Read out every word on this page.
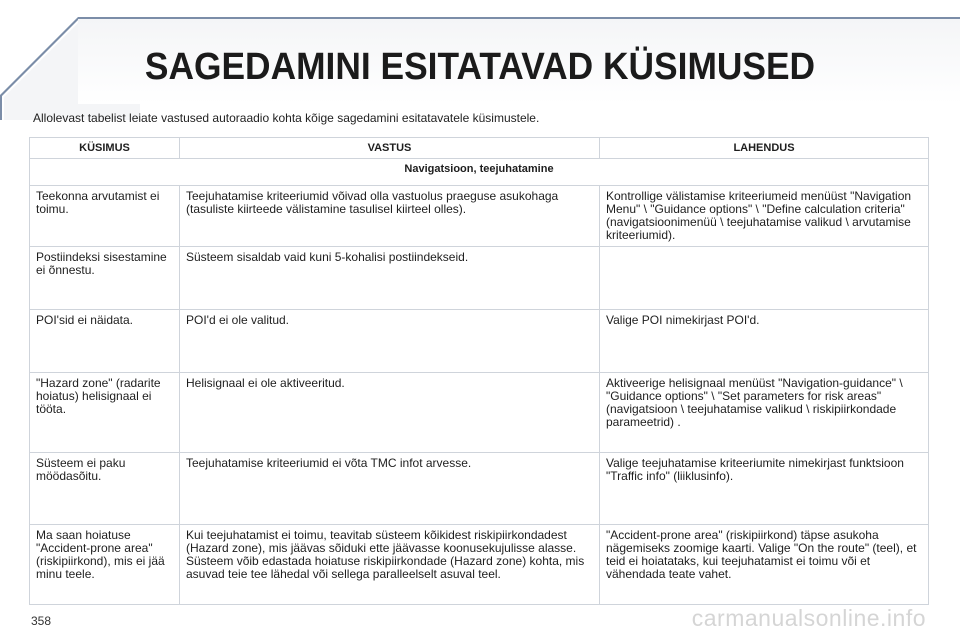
SAGEDAMINI ESITATAVAD KÜSIMUSED

Allolevast tabelist leiate vastused autoraadio kohta kõige sagedamini esitatavatele küsimustele.

KÜSIMUS	VASTUS	LAHENDUS
Navigatsioon, teejuhatamine		
Teekonna arvutamist ei toimu.	Teejuhatamise kriteeriumid võivad olla vastuolus praeguse asukohaga (tasuliste kiirteede välistamine tasulisel kiirteel olles).	Kontrollige välistamise kriteeriumeid menüüst "Navigation Menu" \ "Guidance options" \ "Define calculation criteria" (navigatsioonimenüü \ teejuhatamise valikud \ arvutamise kriteeriumid).
Postiindeksi sisestamine ei õnnestu.	Süsteem sisaldab vaid kuni 5-kohalisi postiindekseid.	
POI'sid ei näidata.	POI'd ei ole valitud.	Valige POI nimekirjast POI'd.
"Hazard zone" (radarite hoiatus) helisignaal ei tööta.	Helisignaal ei ole aktiveeritud.	Aktiveerige helisignaal menüüst "Navigation-guidance" \ "Guidance options" \ "Set parameters for risk areas" (navigatsioon \ teejuhatamise valikud \ riskipiirkondade parameetrid) .
Süsteem ei paku möödasõitu.	Teejuhatamise kriteeriumid ei võta TMC infot arvesse.	Valige teejuhatamise kriteeriumite nimekirjast funktsioon "Traffic info" (liiklusinfo).
Ma saan hoiatuse "Accident-prone area" (riskipiirkond), mis ei jää minu teele.	Kui teejuhatamist ei toimu, teavitab süsteem kõikidest riskipiirkondadest (Hazard zone), mis jäävas sõiduki ette jäävasse koonusekujulisse alasse. Süsteem võib edastada hoiatuse riskipiirkondade (Hazard zone) kohta, mis asuvad teie tee lähedal või sellega paralleelselt asuval teel.	"Accident-prone area" (riskipiirkond) täpse asukoha nägemiseks zoomige kaarti. Valige "On the route" (teel), et teid ei hoiatataks, kui teejuhatamist ei toimu või et vähendada teate vahet.

358	carmanualsonline.info
